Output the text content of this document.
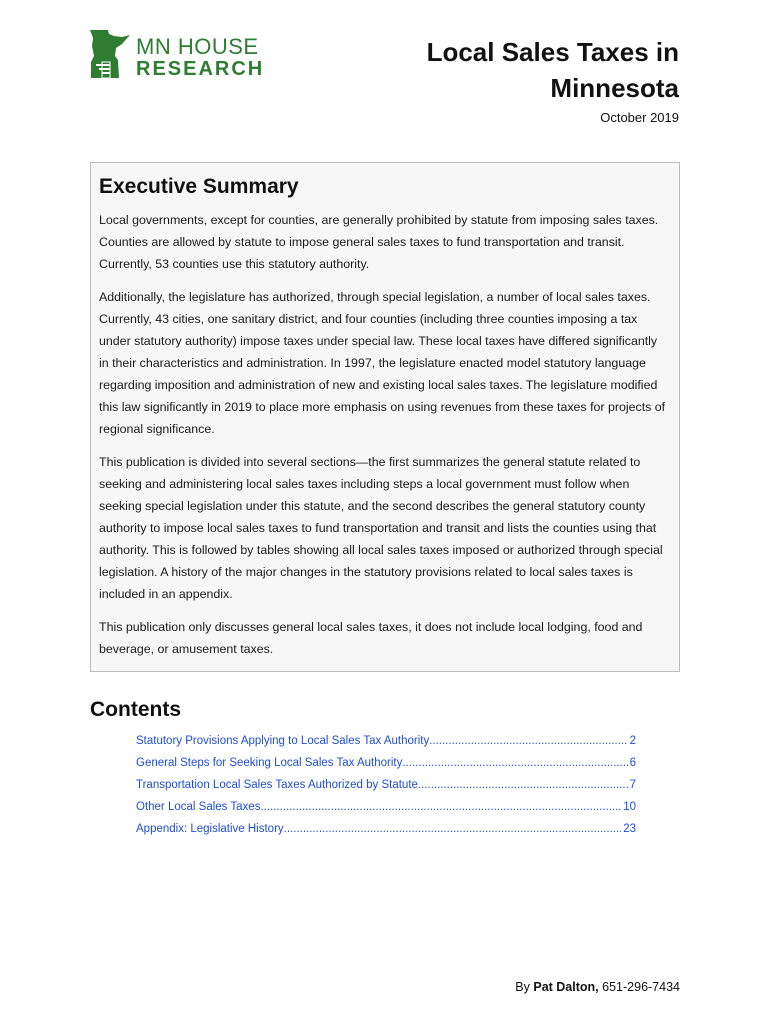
MN HOUSE
RESEARCH
Local Sales Taxes in Minnesota
October 2019
Executive Summary

Local governments, except for counties, are generally prohibited by statute from imposing sales taxes. Counties are allowed by statute to impose general sales taxes to fund transportation and transit. Currently, 53 counties use this statutory authority.

Additionally, the legislature has authorized, through special legislation, a number of local sales taxes. Currently, 43 cities, one sanitary district, and four counties (including three counties imposing a tax under statutory authority) impose taxes under special law. These local taxes have differed significantly in their characteristics and administration. In 1997, the legislature enacted model statutory language regarding imposition and administration of new and existing local sales taxes. The legislature modified this law significantly in 2019 to place more emphasis on using revenues from these taxes for projects of regional significance.

This publication is divided into several sections—the first summarizes the general statute related to seeking and administering local sales taxes including steps a local government must follow when seeking special legislation under this statute, and the second describes the general statutory county authority to impose local sales taxes to fund transportation and transit and lists the counties using that authority. This is followed by tables showing all local sales taxes imposed or authorized through special legislation. A history of the major changes in the statutory provisions related to local sales taxes is included in an appendix.

This publication only discusses general local sales taxes, it does not include local lodging, food and beverage, or amusement taxes.

Contents
Statutory Provisions Applying to Local Sales Tax Authority .....	2
General Steps for Seeking Local Sales Tax Authority .....	6
Transportation Local Sales Taxes Authorized by Statute .....	7
Other Local Sales Taxes .....	10
Appendix: Legislative History .....	23
By Pat Dalton, 651-296-7434
